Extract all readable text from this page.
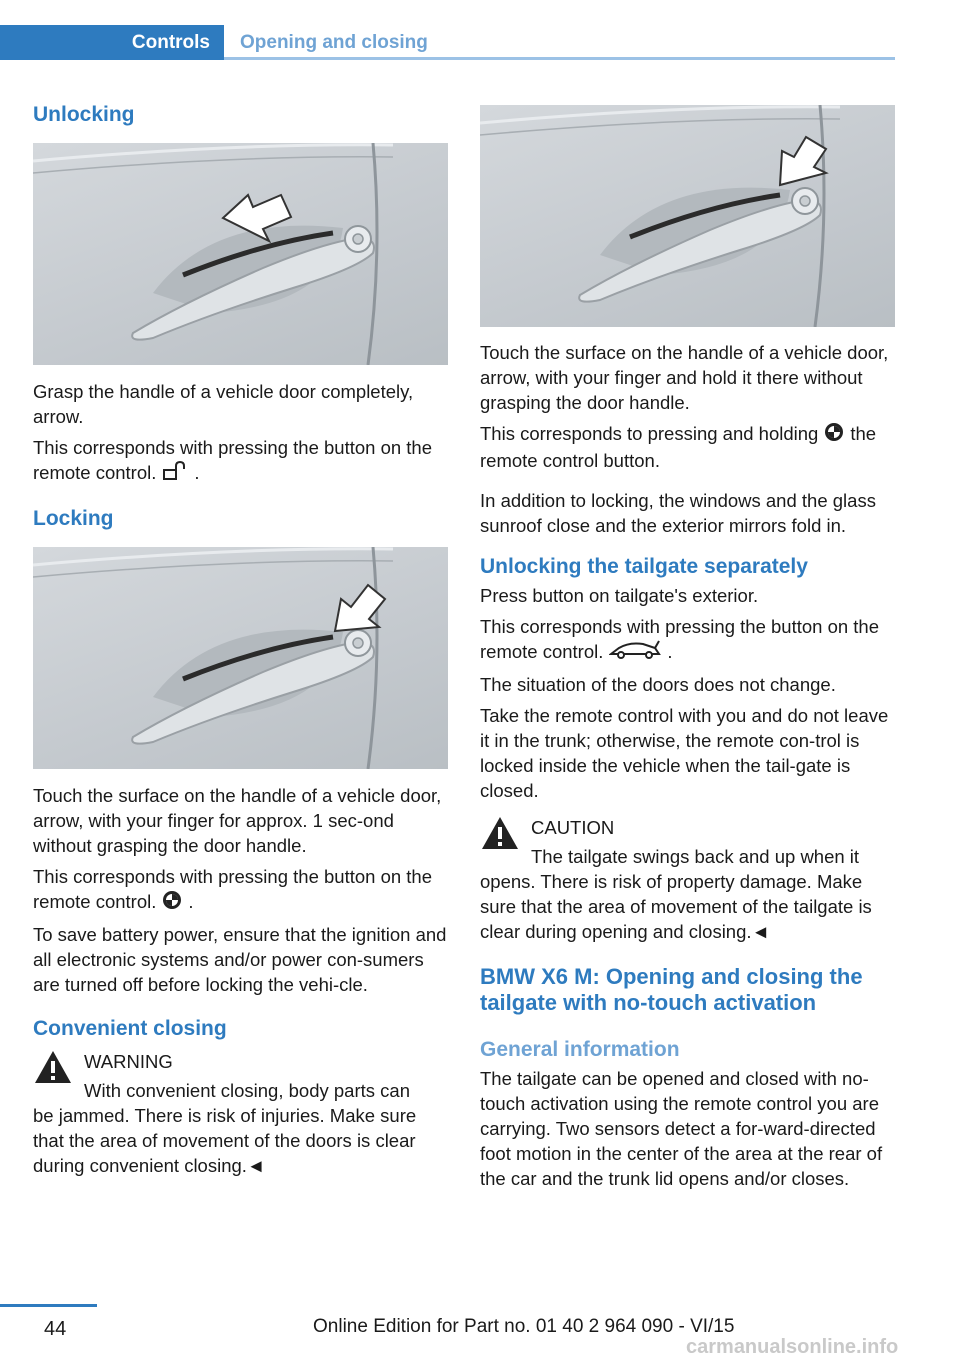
Controls	Opening and closing
Unlocking

Grasp the handle of a vehicle door completely, arrow.

This corresponds with pressing the button on the remote control. .

Locking

Touch the surface on the handle of a vehicle door, arrow, with your finger for approx. 1 sec‐ond without grasping the door handle.

This corresponds with pressing the button on the remote control. .

To save battery power, ensure that the ignition and all electronic systems and/or power con‐sumers are turned off before locking the vehi‐cle.

Convenient closing
WARNING

With convenient closing, body parts can

be jammed. There is risk of injuries. Make sure that the area of movement of the doors is clear during convenient closing.◄

Touch the surface on the handle of a vehicle door, arrow, with your finger and hold it there without grasping the door handle.

This corresponds to pressing and holding the remote control button.

In addition to locking, the windows and the glass sunroof close and the exterior mirrors fold in.

Unlocking the tailgate separately

Press button on tailgate's exterior.

This corresponds with pressing the button on the remote control.	.

The situation of the doors does not change.

Take the remote control with you and do not leave it in the trunk; otherwise, the remote con‐trol is locked inside the vehicle when the tail‐gate is closed.

CAUTION

The tailgate swings back and up when it

opens. There is risk of property damage. Make sure that the area of movement of the tailgate is clear during opening and closing.◄

BMW X6 M: Opening and closing the tailgate with no-touch activation
General information

The tailgate can be opened and closed with no-touch activation using the remote control you are carrying. Two sensors detect a for‐ward-directed foot motion in the center of the area at the rear of the car and the trunk lid opens and/or closes.

44	Online Edition for Part no. 01 40 2 964 090 - VI/15
carmanualsonline.info
